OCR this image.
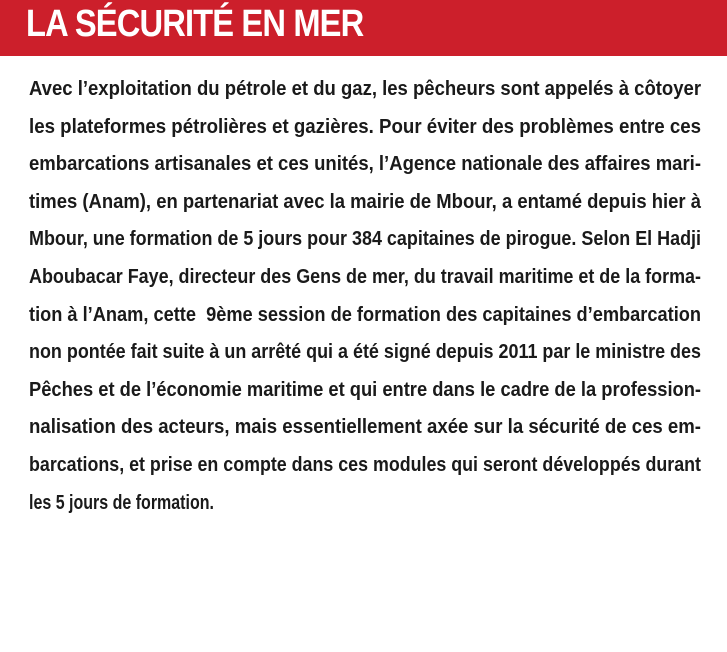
LA SÉCURITÉ EN MER
Avec l’exploitation du pétrole et du gaz, les pêcheurs sont appelés à côtoyer
les plateformes pétrolières et gazières. Pour éviter des problèmes entre ces
embarcations artisanales et ces unités, l’Agence nationale des affaires mari-
times (Anam), en partenariat avec la mairie de Mbour, a entamé depuis hier à
Mbour, une formation de 5 jours pour 384 capitaines de pirogue. Selon El Hadji
Aboubacar Faye, directeur des Gens de mer, du travail maritime et de la forma-
tion à l’Anam, cette  9ème session de formation des capitaines d’embarcation
non pontée fait suite à un arrêté qui a été signé depuis 2011 par le ministre des
Pêches et de l’économie maritime et qui entre dans le cadre de la profession-
nalisation des acteurs, mais essentiellement axée sur la sécurité de ces em-
barcations, et prise en compte dans ces modules qui seront développés durant
les 5 jours de formation.
